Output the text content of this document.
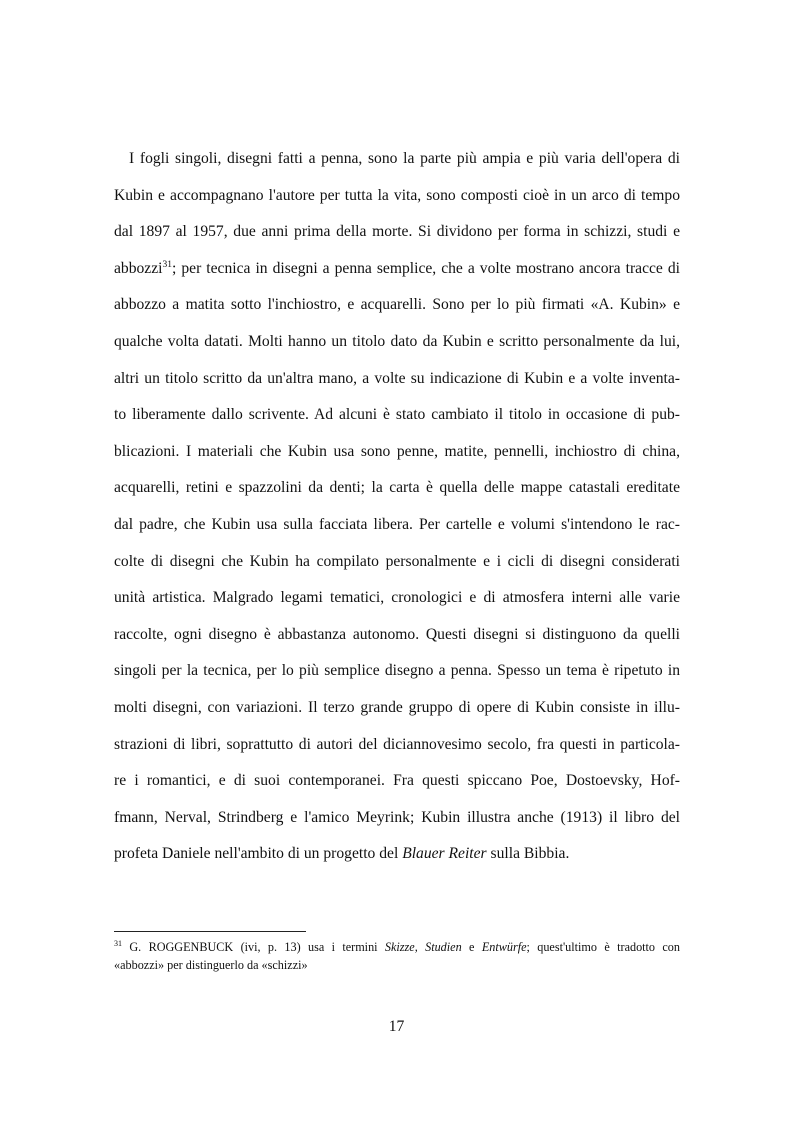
I fogli singoli, disegni fatti a penna, sono la parte più ampia e più varia dell'opera di
Kubin e accompagnano l'autore per tutta la vita, sono composti cioè in un arco di tempo
dal 1897 al 1957, due anni prima della morte. Si dividono per forma in schizzi, studi e
abbozzi$^{31}$; per tecnica in disegni a penna semplice, che a volte mostrano ancora tracce di
abbozzo a matita sotto l'inchiostro, e acquarelli. Sono per lo più firmati «A. Kubin» e
qualche volta datati. Molti hanno un titolo dato da Kubin e scritto personalmente da lui,
altri un titolo scritto da un'altra mano, a volte su indicazione di Kubin e a volte inventa-
to liberamente dallo scrivente. Ad alcuni è stato cambiato il titolo in occasione di pub-
blicazioni. I materiali che Kubin usa sono penne, matite, pennelli, inchiostro di china,
acquarelli, retini e spazzolini da denti; la carta è quella delle mappe catastali ereditate
dal padre, che Kubin usa sulla facciata libera. Per cartelle e volumi s'intendono le rac-
colte di disegni che Kubin ha compilato personalmente e i cicli di disegni considerati
unità artistica. Malgrado legami tematici, cronologici e di atmosfera interni alle varie
raccolte, ogni disegno è abbastanza autonomo. Questi disegni si distinguono da quelli
singoli per la tecnica, per lo più semplice disegno a penna. Spesso un tema è ripetuto in
molti disegni, con variazioni. Il terzo grande gruppo di opere di Kubin consiste in illu-
strazioni di libri, soprattutto di autori del diciannovesimo secolo, fra questi in particola-
re i romantici, e di suoi contemporanei. Fra questi spiccano Poe, Dostoevsky, Hof-
fmann, Nerval, Strindberg e l'amico Meyrink; Kubin illustra anche (1913) il libro del
profeta Daniele nell'ambito di un progetto del Blauer Reiter sulla Bibbia.
$^{31}$ G. ROGGENBUCK (ivi, p. 13) usa i termini Skizze, Studien e Entwürfe; quest'ultimo è tradotto con
«abbozzi» per distinguerlo da «schizzi»
17
